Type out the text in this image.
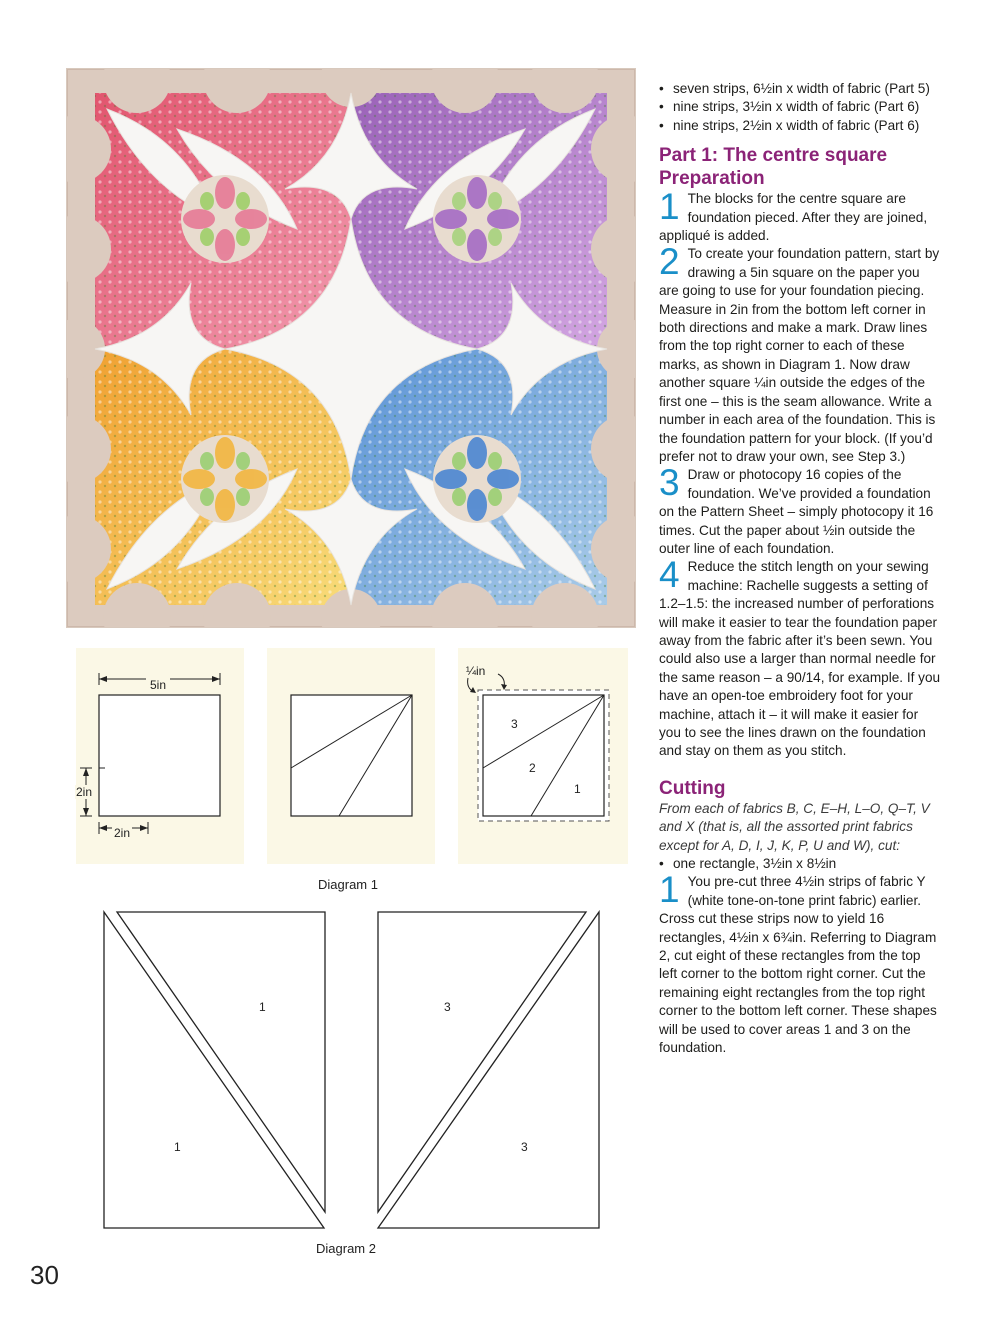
5in
2in
2in
¼in
3
2
1
Diagram 1
1
1
3
3
Diagram 2
• seven strips, 6½in x width of fabric (Part 5)
• nine strips, 3½in x width of fabric (Part 6)
• nine strips, 2½in x width of fabric (Part 6)
Part 1: The centre square
Preparation
1 The blocks for the centre square are foundation pieced. After they are joined, appliqué is added.
2 To create your foundation pattern, start by drawing a 5in square on the paper you are going to use for your foundation piecing. Measure in 2in from the bottom left corner in both directions and make a mark. Draw lines from the top right corner to each of these marks, as shown in Diagram 1. Now draw another square ¼in outside the edges of the first one – this is the seam allowance. Write a number in each area of the foundation. This is the foundation pattern for your block. (If you’d prefer not to draw your own, see Step 3.)
3 Draw or photocopy 16 copies of the foundation. We’ve provided a foundation on the Pattern Sheet – simply photocopy it 16 times. Cut the paper about ½in outside the outer line of each foundation.
4 Reduce the stitch length on your sewing machine: Rachelle suggests a setting of 1.2–1.5: the increased number of perforations will make it easier to tear the foundation paper away from the fabric after it’s been sewn. You could also use a larger than normal needle for the same reason – a 90/14, for example. If you have an open-toe embroidery foot for your machine, attach it – it will make it easier for you to see the lines drawn on the foundation and stay on them as you stitch.
Cutting
From each of fabrics B, C, E–H, L–O, Q–T, V and X (that is, all the assorted print fabrics except for A, D, I, J, K, P, U and W), cut:
• one rectangle, 3½in x 8½in
1 You pre-cut three 4½in strips of fabric Y (white tone-on-tone print fabric) earlier. Cross cut these strips now to yield 16 rectangles, 4½in x 6¾in. Referring to Diagram 2, cut eight of these rectangles from the top left corner to the bottom right corner. Cut the remaining eight rectangles from the top right corner to the bottom left corner. These shapes will be used to cover areas 1 and 3 on the foundation.
30
